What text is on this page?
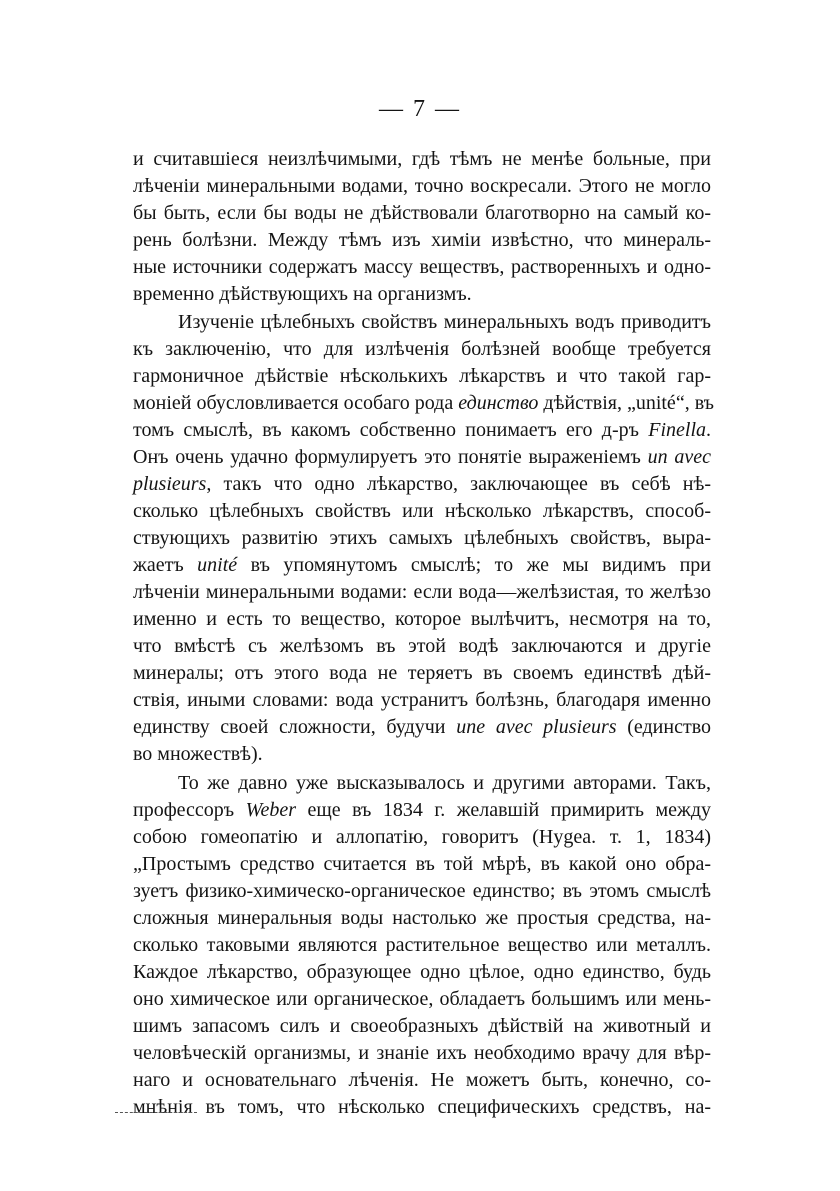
— 7 —
и считавшіеся неизлѣчимыми, гдѣ тѣмъ не менѣе больные, при
лѣченіи минеральными водами, точно воскресали. Этого не могло
бы быть, если бы воды не дѣйствовали благотворно на самый ко-
рень болѣзни. Между тѣмъ изъ химіи извѣстно, что минераль-
ные источники содержатъ массу веществъ, растворенныхъ и одно-
временно дѣйствующихъ на организмъ.
Изученіе цѣлебныхъ свойствъ минеральныхъ водъ приводитъ
къ заключенію, что для излѣченія болѣзней вообще требуется
гармоничное дѣйствіе нѣсколькихъ лѣкарствъ и что такой гар-
моніей обусловливается особаго рода единство дѣйствія, „unité“, въ
томъ смыслѣ, въ какомъ собственно понимаетъ его д-ръ Finella.
Онъ очень удачно формулируетъ это понятіе выраженіемъ un avec
plusieurs, такъ что одно лѣкарство, заключающее въ себѣ нѣ-
сколько цѣлебныхъ свойствъ или нѣсколько лѣкарствъ, способ-
ствующихъ развитію этихъ самыхъ цѣлебныхъ свойствъ, выра-
жаетъ unité въ упомянутомъ смыслѣ; то же мы видимъ при
лѣченіи минеральными водами: если вода—желѣзистая, то желѣзо
именно и есть то вещество, которое вылѣчитъ, несмотря на то,
что вмѣстѣ съ желѣзомъ въ этой водѣ заключаются и другіе
минералы; отъ этого вода не теряетъ въ своемъ единствѣ дѣй-
ствія, иными словами: вода устранитъ болѣзнь, благодаря именно
единству своей сложности, будучи une avec plusieurs (единство
во множествѣ).
То же давно уже высказывалось и другими авторами. Такъ,
профессоръ Weber еще въ 1834 г. желавшій примирить между
собою гомеопатію и аллопатію, говоритъ (Hygea. т. 1, 1834)
„Простымъ средство считается въ той мѣрѣ, въ какой оно обра-
зуетъ физико-химическо-органическое единство; въ этомъ смыслѣ
сложныя минеральныя воды настолько же простыя средства, на-
сколько таковыми являются растительное вещество или металлъ.
Каждое лѣкарство, образующее одно цѣлое, одно единство, будь
оно химическое или органическое, обладаетъ большимъ или мень-
шимъ запасомъ силъ и своеобразныхъ дѣйствій на животный и
человѣческій организмы, и знаніе ихъ необходимо врачу для вѣр-
наго и основательнаго лѣченія. Не можетъ быть, конечно, со-
мнѣнія въ томъ, что нѣсколько специфическихъ средствъ, на-
